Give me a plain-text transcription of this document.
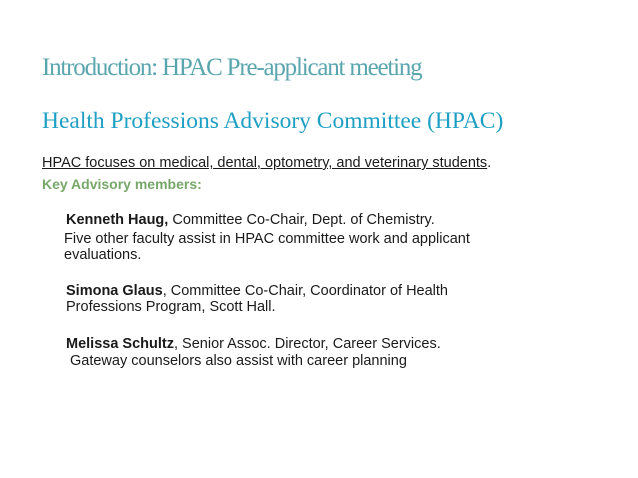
Introduction: HPAC Pre-applicant meeting
Health Professions Advisory Committee (HPAC)
HPAC focuses on medical, dental, optometry, and veterinary students.
Key Advisory members:
Kenneth Haug, Committee Co-Chair, Dept. of Chemistry.
Five other faculty assist in HPAC committee work and applicant evaluations.
Simona Glaus, Committee Co-Chair, Coordinator of Health Professions Program, Scott Hall.
Melissa Schultz, Senior Assoc. Director, Career Services.
Gateway counselors also assist with career planning
